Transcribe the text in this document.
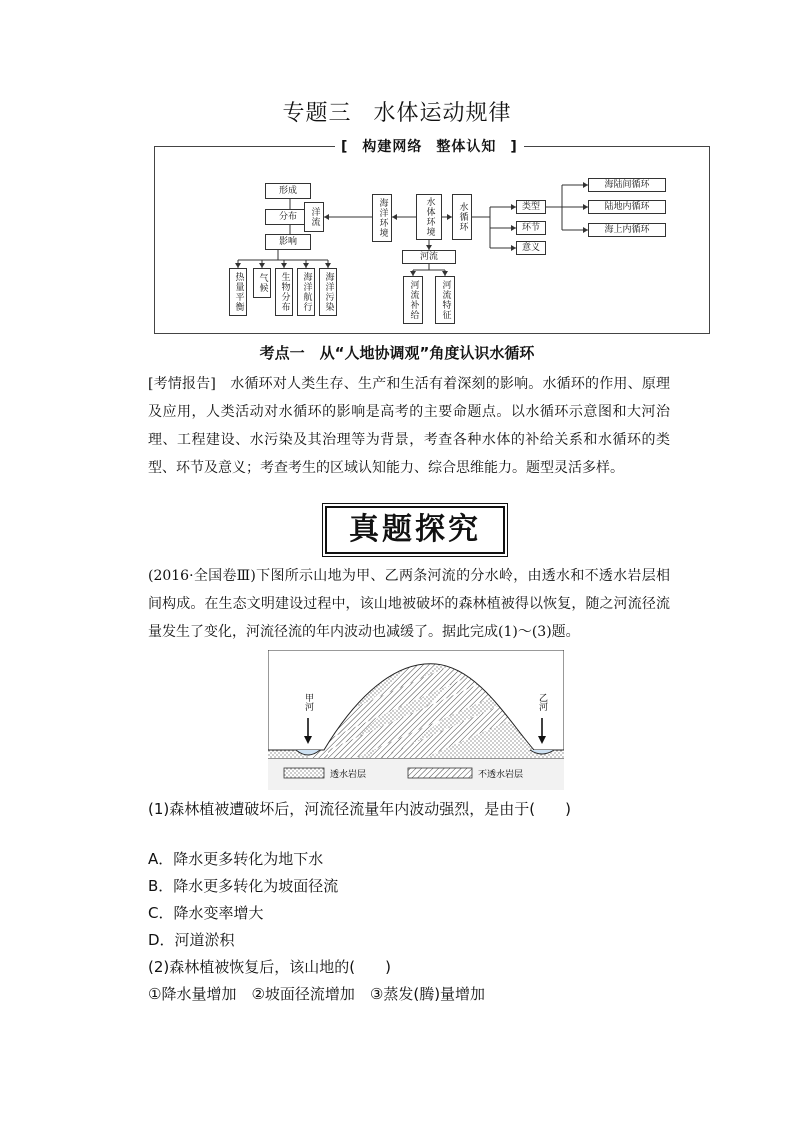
专题三 水体运动规律
[ 构建网络 整体认知 ]
形成
分布
影响
热量平衡	气候	生物分布	海洋航行	海洋污染
洋流	海洋环境	水体环境
河流
河流补给	河流特征
水循环	类型
环节
意义
海陆间循环
陆地内循环
海上内循环
考点一　 从“人地协调观”角度认识水循环
[考情报告]　 水循环对人类生存、生产和生活有着深刻的影响。水循环的作用、原理及应用，人类活动对水循环的影响是高考的主要命题点。以水循环示意图和大河治理、工程建设、水污染及其治理等为背景，考查各种水体的补给关系和水循环的类型、环节及意义；考查考生的区域认知能力、综合思维能力。题型灵活多样。
真题探究
(2016·全国卷Ⅲ)下图所示山地为甲、乙两条河流的分水岭，由透水和不透水岩层相间构成。在生态文明建设过程中，该山地被破坏的森林植被得以恢复，随之河流径流量发生了变化，河流径流的年内波动也减缓了。据此完成(1)～(3)题。
甲河	乙河
透水岩层	不透水岩层
(1)森林植被遭破坏后，河流径流量年内波动强烈，是由于(　　)
A．降水更多转化为地下水
B．降水更多转化为坡面径流
C．降水变率增大
D．河道淤积
(2)森林植被恢复后，该山地的(　　)
①降水量增加　②坡面径流增加　③蒸发(腾)量增加
